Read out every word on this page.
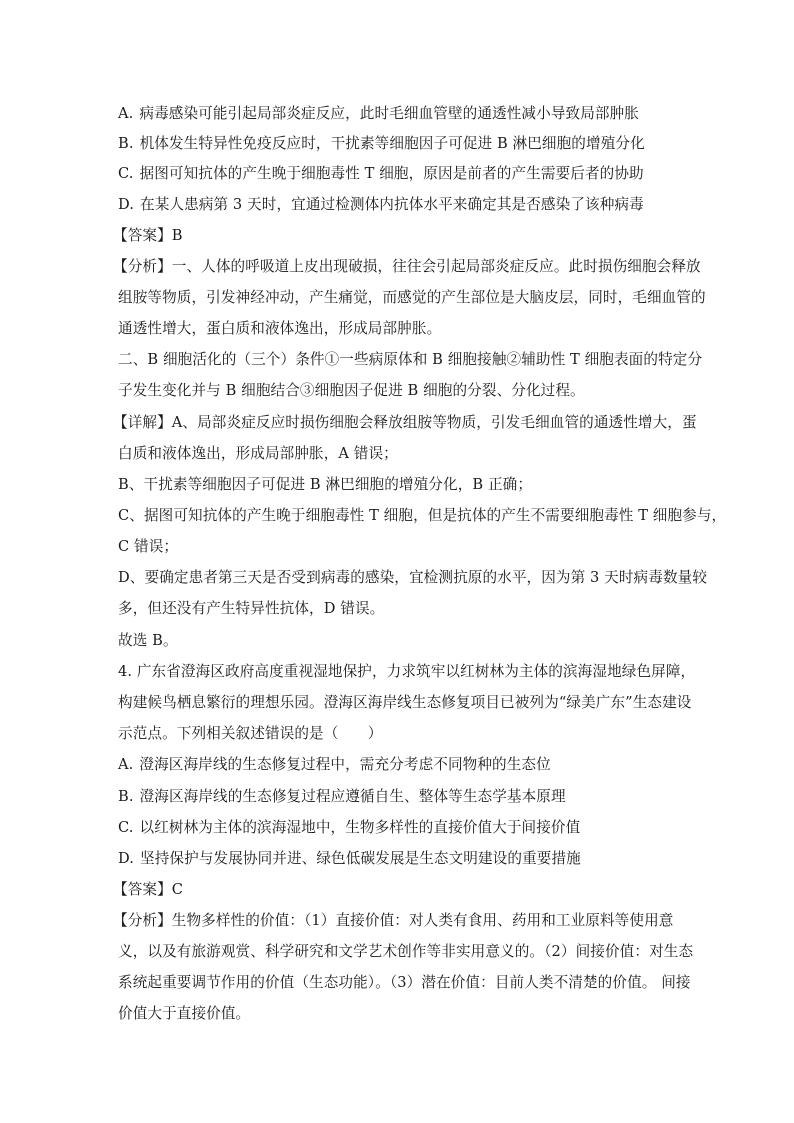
A. 病毒感染可能引起局部炎症反应，此时毛细血管壁的通透性减小导致局部肿胀
B. 机体发生特异性免疫反应时，干扰素等细胞因子可促进 B 淋巴细胞的增殖分化
C. 据图可知抗体的产生晚于细胞毒性 T 细胞，原因是前者的产生需要后者的协助
D. 在某人患病第 3 天时，宜通过检测体内抗体水平来确定其是否感染了该种病毒
【答案】B
【分析】一、人体的呼吸道上皮出现破损，往往会引起局部炎症反应。此时损伤细胞会释放
组胺等物质，引发神经冲动，产生痛觉，而感觉的产生部位是大脑皮层，同时，毛细血管的
通透性增大，蛋白质和液体逸出，形成局部肿胀。
二、B 细胞活化的（三个）条件①一些病原体和 B 细胞接触②辅助性 T 细胞表面的特定分
子发生变化并与 B 细胞结合③细胞因子促进 B 细胞的分裂、分化过程。
【详解】A、局部炎症反应时损伤细胞会释放组胺等物质，引发毛细血管的通透性增大，蛋
白质和液体逸出，形成局部肿胀，A 错误；
B、干扰素等细胞因子可促进 B 淋巴细胞的增殖分化，B 正确；
C、据图可知抗体的产生晚于细胞毒性 T 细胞，但是抗体的产生不需要细胞毒性 T 细胞参与，
C 错误；
D、要确定患者第三天是否受到病毒的感染，宜检测抗原的水平，因为第 3 天时病毒数量较
多，但还没有产生特异性抗体，D 错误。
故选 B。
4. 广东省澄海区政府高度重视湿地保护，力求筑牢以红树林为主体的滨海湿地绿色屏障，
构建候鸟栖息繁衍的理想乐园。澄海区海岸线生态修复项目已被列为“绿美广东”生态建设
示范点。下列相关叙述错误的是（　　）
A. 澄海区海岸线的生态修复过程中，需充分考虑不同物种的生态位
B. 澄海区海岸线的生态修复过程应遵循自生、整体等生态学基本原理
C. 以红树林为主体的滨海湿地中，生物多样性的直接价值大于间接价值
D. 坚持保护与发展协同并进、绿色低碳发展是生态文明建设的重要措施
【答案】C
【分析】生物多样性的价值：（1）直接价值：对人类有食用、药用和工业原料等使用意
义，以及有旅游观赏、科学研究和文学艺术创作等非实用意义的。（2）间接价值：对生态
系统起重要调节作用的价值（生态功能）。（3）潜在价值：目前人类不清楚的价值。 间接
价值大于直接价值。
